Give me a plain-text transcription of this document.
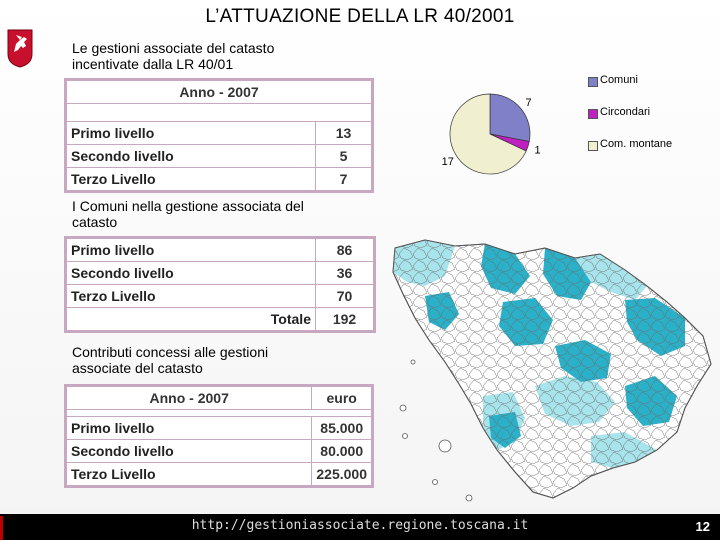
L’ATTUAZIONE DELLA LR 40/2001
Le gestioni associate del catasto
incentivate dalla LR 40/01
Anno - 2007	

Primo livello	13
Secondo livello	5
Terzo Livello	7
7
1
17
Comuni
Circondari
Com. montane
I Comuni nella gestione associata del
catasto
Primo livello	86
Secondo livello	36
Terzo Livello	70
Totale	192
Contributi concessi alle gestioni
associate del catasto
Anno - 2007	euro

Primo livello	85.000
Secondo livello	80.000
Terzo Livello	225.000
http://gestioniassociate.regione.toscana.it	12
